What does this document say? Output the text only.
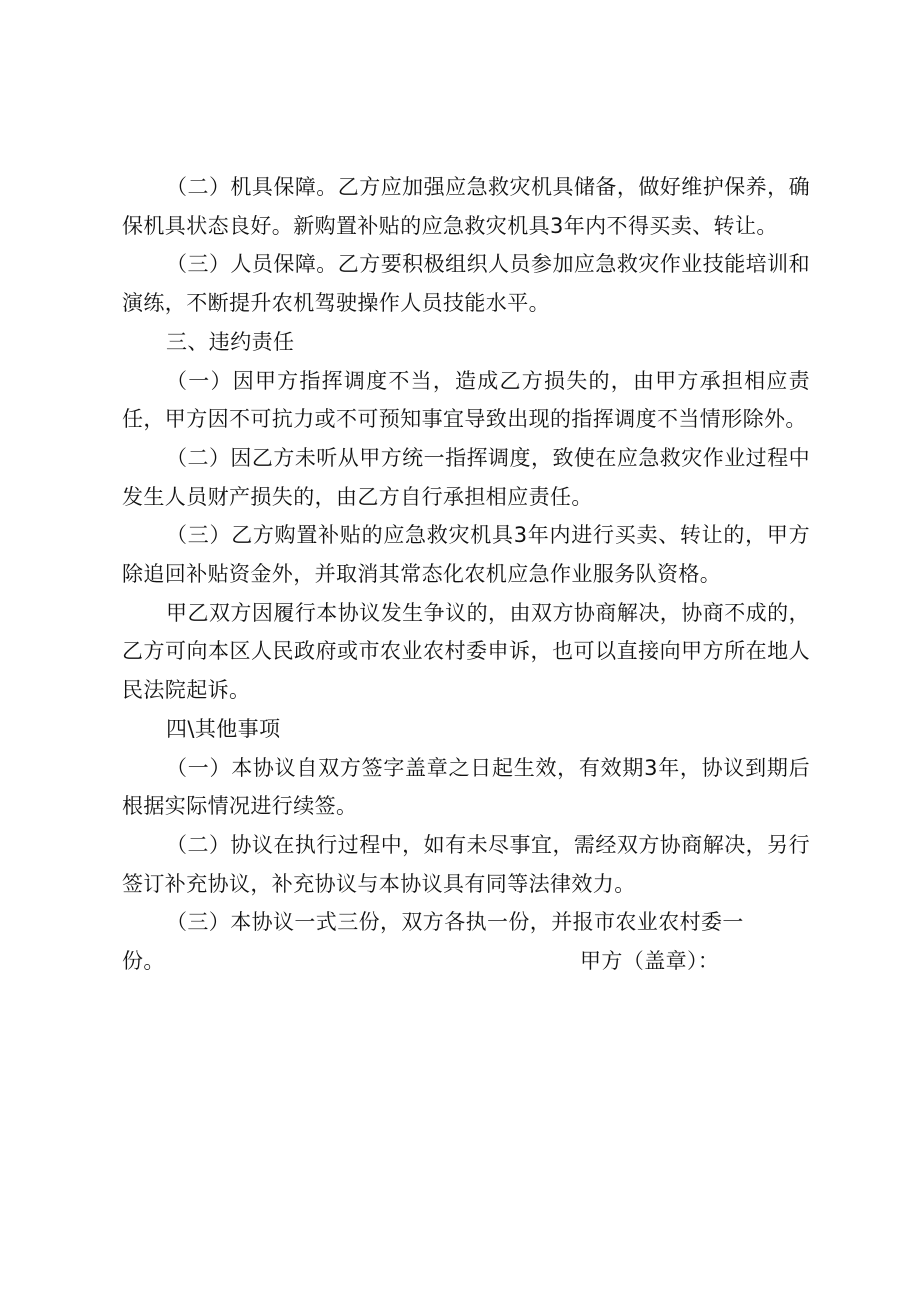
（二）机具保障。乙方应加强应急救灾机具储备，做好维护保养，确保机具状态良好。新购置补贴的应急救灾机具3年内不得买卖、转让。

（三）人员保障。乙方要积极组织人员参加应急救灾作业技能培训和演练，不断提升农机驾驶操作人员技能水平。

三、违约责任

（一）因甲方指挥调度不当，造成乙方损失的，由甲方承担相应责任，甲方因不可抗力或不可预知事宜导致出现的指挥调度不当情形除外。

（二）因乙方未听从甲方统一指挥调度，致使在应急救灾作业过程中发生人员财产损失的，由乙方自行承担相应责任。

（三）乙方购置补贴的应急救灾机具3年内进行买卖、转让的，甲方除追回补贴资金外，并取消其常态化农机应急作业服务队资格。

甲乙双方因履行本协议发生争议的，由双方协商解决，协商不成的，乙方可向本区人民政府或市农业农村委申诉，也可以直接向甲方所在地人民法院起诉。

四\其他事项

（一）本协议自双方签字盖章之日起生效，有效期3年，协议到期后根据实际情况进行续签。

（二）协议在执行过程中，如有未尽事宜，需经双方协商解决，另行签订补充协议，补充协议与本协议具有同等法律效力。

（三）本协议一式三份，双方各执一份，并报市农业农村委一

份。	甲方（盖章）：
